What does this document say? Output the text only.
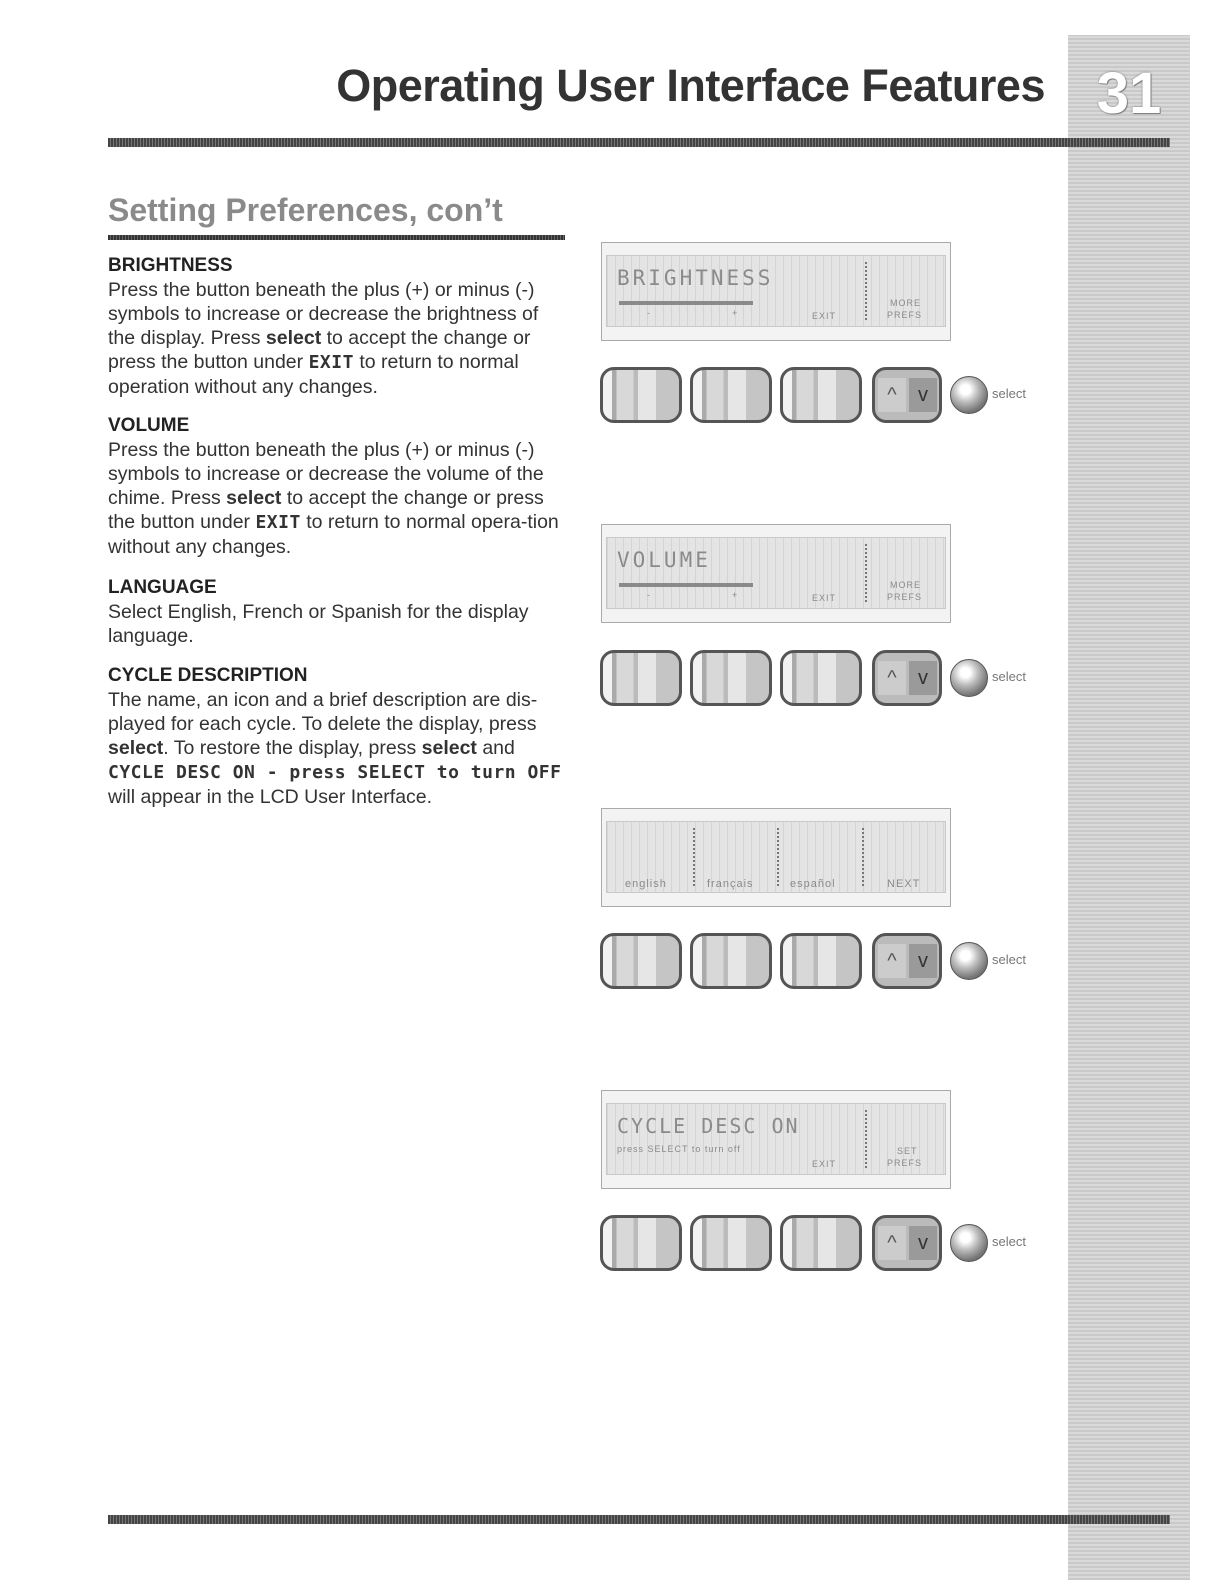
31
Operating User Interface Features
Setting Preferences, con’t
BRIGHTNESS

Press the button beneath the plus (+) or minus (-) symbols to increase or decrease the brightness of the display. Press select to accept the change or press the button under EXIT to return to normal operation without any changes.

VOLUME

Press the button beneath the plus (+) or minus (-) symbols to increase or decrease the volume of the chime. Press select to accept the change or press the button under EXIT to return to normal opera-tion without any changes.

LANGUAGE

Select English, French or Spanish for the display language.

CYCLE DESCRIPTION

The name, an icon and a brief description are dis-played for each cycle. To delete the display, press select. To restore the display, press select and
CYCLE DESC ON - press SELECT to turn OFF
will appear in the LCD User Interface.

BRIGHTNESS
-	+	EXIT
MORE
PREFS
^	v	select
VOLUME
-	+	EXIT
MORE
PREFS
^	v	select
english	français	español	NEXT
^	v	select
CYCLE DESC ON
press SELECT to turn off
EXIT
SET
PREFS
^	v	select
